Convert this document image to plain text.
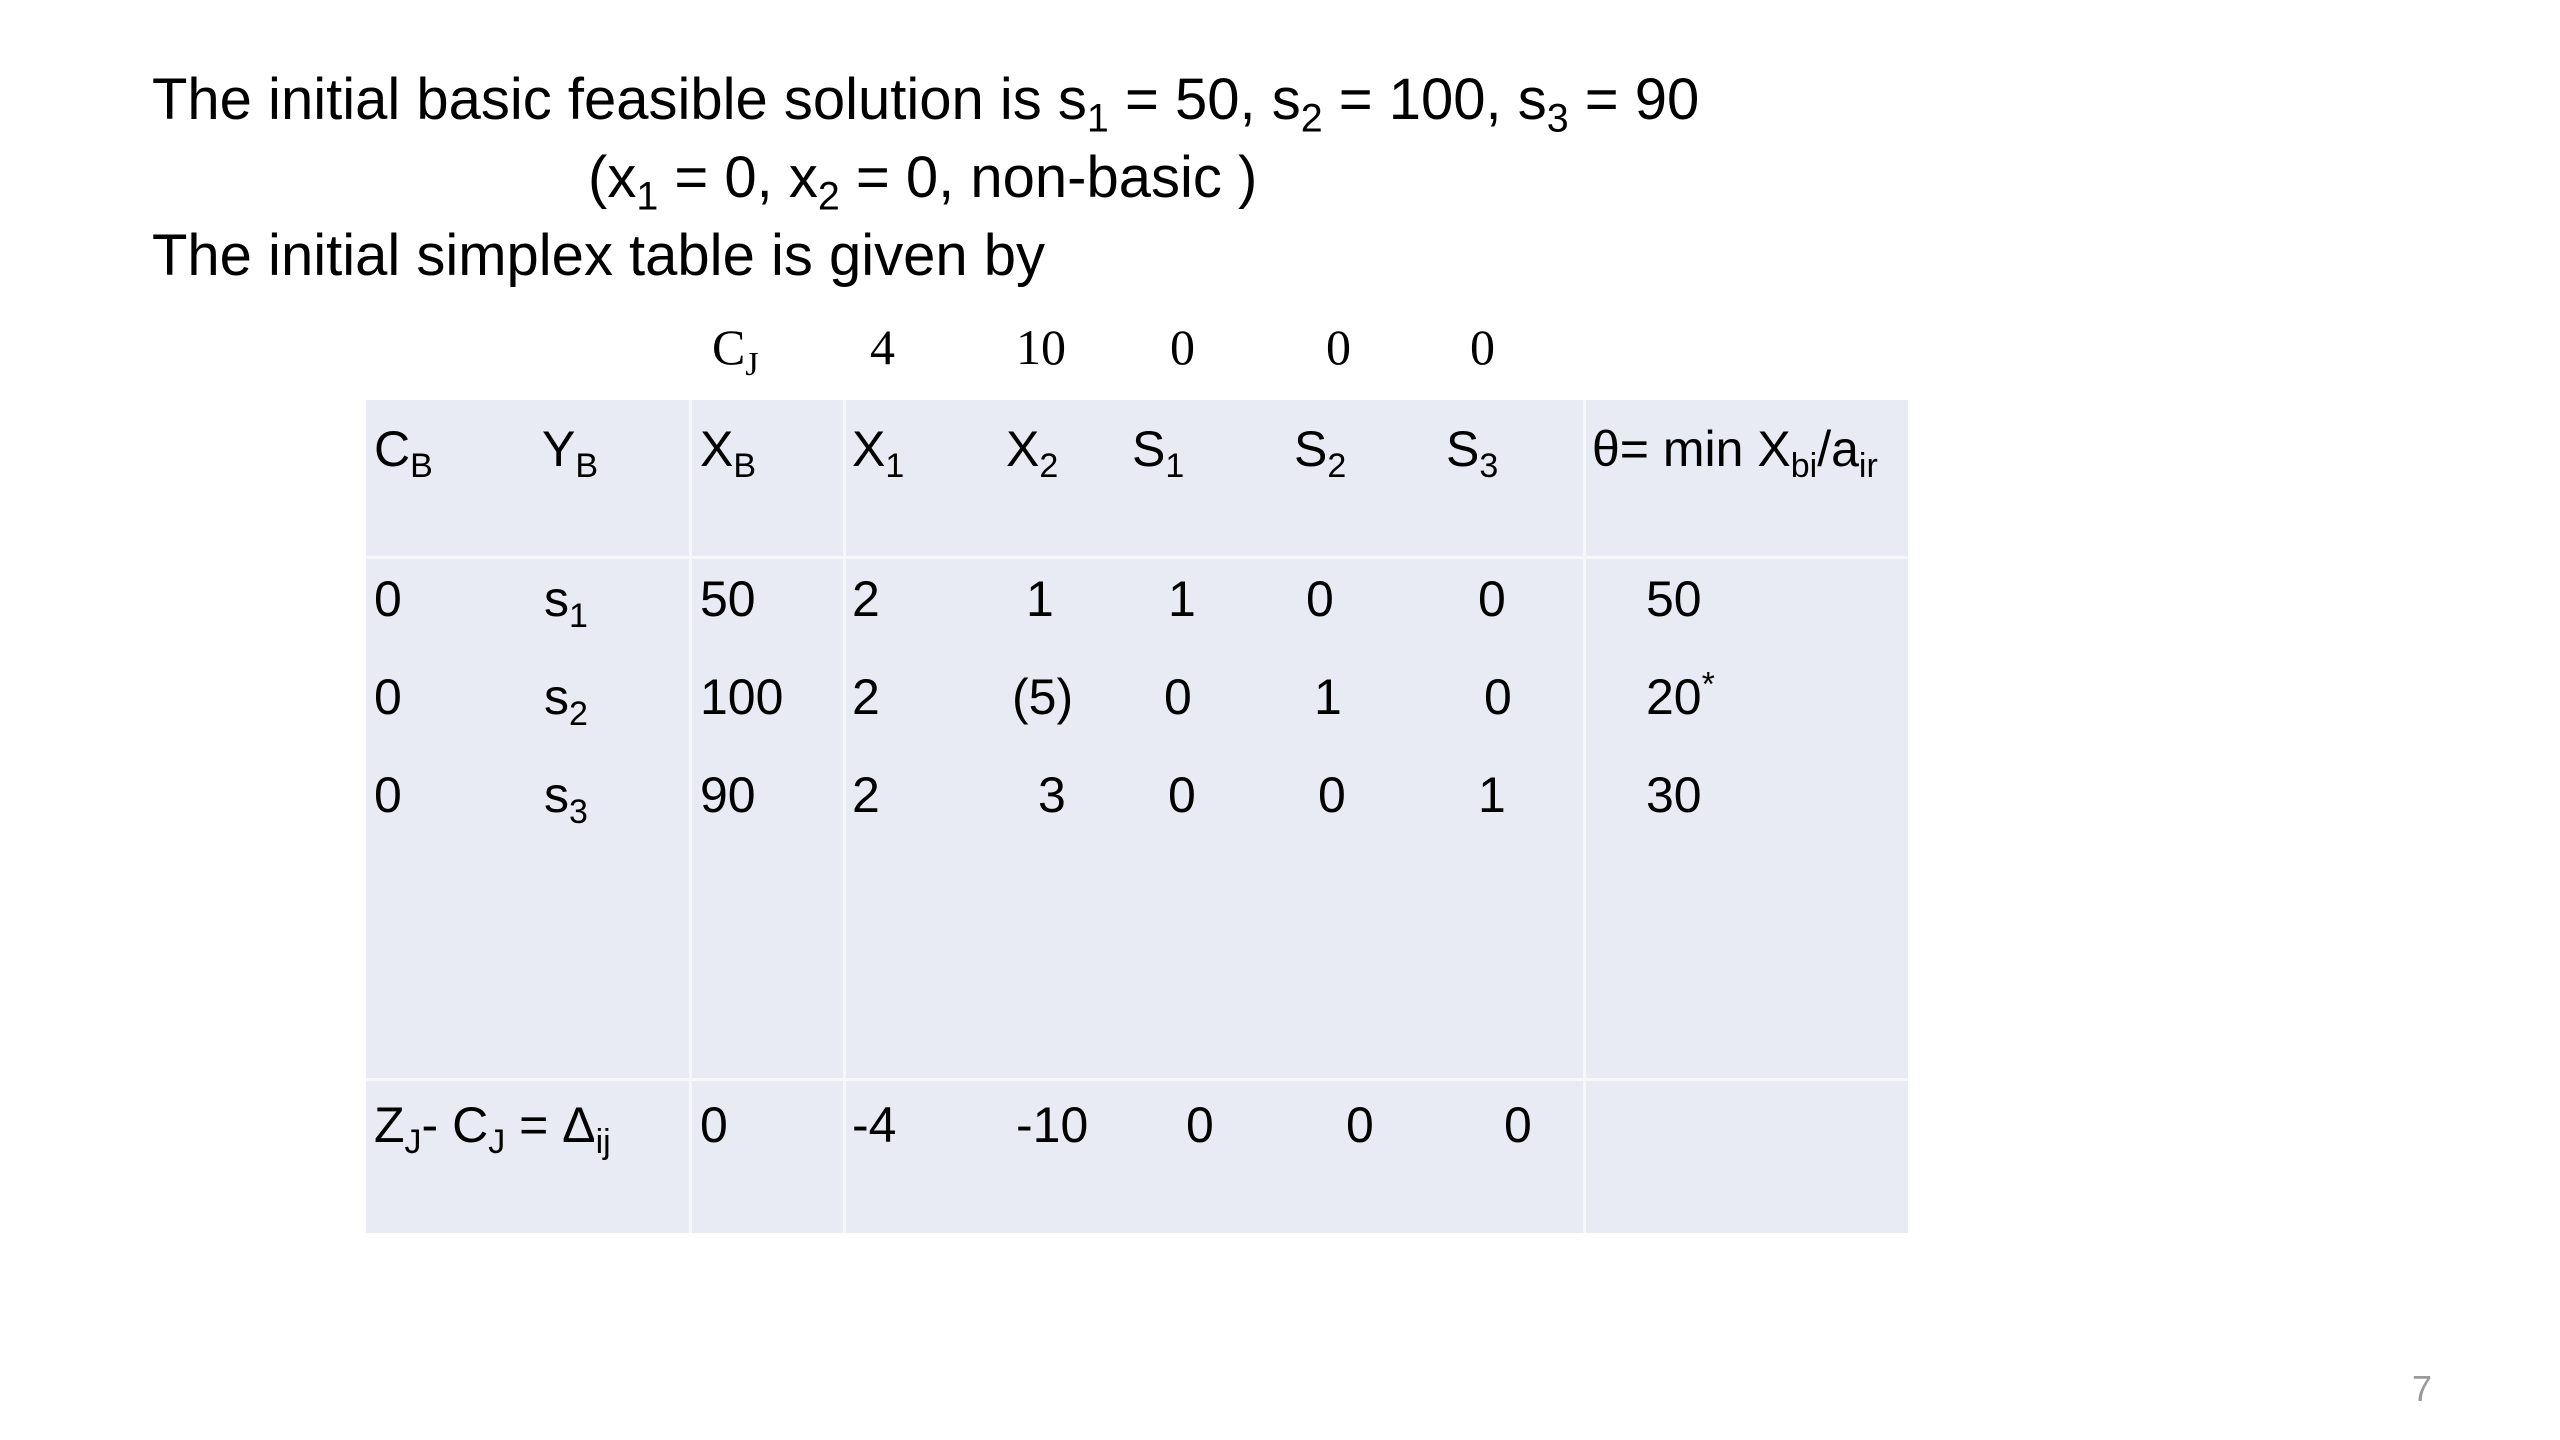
The initial basic feasible solution is $s_1 = 50$, $s_2 = 100$, $s_3 = 90$
($x_1 = 0$, $x_2 = 0$, non-basic )
The initial simplex table is given by
$C_J$ 4 10 0	0 0
$C_B$ $Y_B$ $X_B$ $X_1$ $X_2$ $S_1$ $S_2$ $S_3$ $\theta= \min X_{bi}/a_{ir}$
0	$s_1$ 50 2	1 1 0	0	50
0	$s_2$ 100 2	(5) 0 1	0	20*
0	$s_3$ 90 2	3 0 0	1	30
$Z_J-$ $C_J = \Delta_{ij}$ 0 -4 -10 0	0	0
7
